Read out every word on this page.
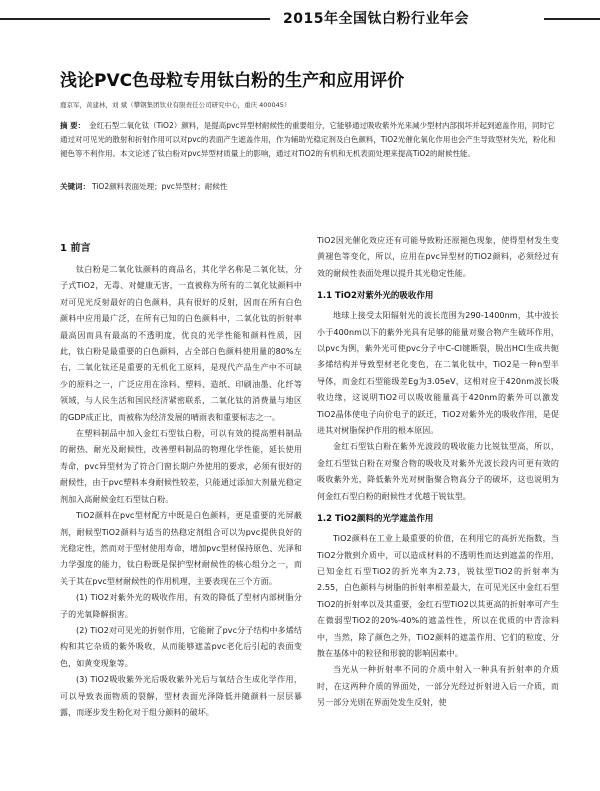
2015年全国钛白粉行业年会
浅论PVC色母粒专用钛白粉的生产和应用评价
鹿京军，黄建林，刘 斌（攀钢集团钛业有限责任公司研究中心，重庆 400045）

摘 要： 金红石型二氧化钛（TiO2）颜料，是提高pvc异型材耐候性的重要组分，它能够通过吸收紫外光来减少型材内部损坏并起到遮盖作用，同时它通过对可见光的散射和折射作用可以对pvc的表面产生遮盖作用，作为辅助光稳定剂及白色颜料，TiO2光催化氧化作用也会产生导致型材失光，粉化和褪色等不利作用。本文论述了钛白粉对pvc异型材质量上的影响，通过对TiO2的有机和无机表面处理来提高TiO2的耐候性能。

关键词： TiO2颜料表面处理；pvc异型材；耐候性
1 前言

钛白粉是二氧化钛颜料的商品名，其化学名称是二氧化钛，分子式TiO2，无毒、对健康无害，一直被称为所有的二氧化钛颜料中对可见光反射最好的白色颜料，具有很好的反射，因而在所有白色颜料中应用最广泛，在所有已知的白色颜料中，二氧化钛的折射率最高因而具有最高的不透明度，优良的光学性能和颜料性质，因此，钛白粉是最重要的白色颜料，占全部白色颜料使用量的80%左右，二氧化钛还是重要的无机化工原料，是现代产品生产中不可缺少的原料之一，广泛应用在涂料、塑料、造纸、印刷油墨、化纤等领域，与人民生活和国民经济紧密联系，二氧化钛的消费量与地区的GDP成正比，而被称为经济发展的晴雨表和重要标志之一。

在塑料制品中加入金红石型钛白粉，可以有效的提高塑料制品的耐热、耐光及耐候性，改善塑料制品的物理化学性能，延长使用寿命，pvc异型材为了符合门窗长期户外使用的要求，必须有很好的耐候性，由于pvc塑料本身耐候性较差，只能通过添加大剂量光稳定剂加入高耐候金红石型钛白粉。

TiO2颜料在pvc型材配方中既是白色颜料，更是重要的光屏蔽剂，耐候型TiO2颜料与适当的热稳定剂组合可以为pvc提供良好的光稳定性，然而对于型材使用寿命，增加pvc型材保持原色、光泽和力学强度的能力，钛白粉既是保护型材耐候性的核心组分之一，而关于其在pvc型材耐候性的作用机理，主要表现在三个方面。

(1) TiO2对紫外光的吸收作用，有效的降低了型材内部树脂分子的光氧降解损害。

(2) TiO2对可见光的折射作用，它能耐了pvc分子结构中多烯结构和其它杂质的紫外吸收，从而能够遮盖pvc老化后引起的表面变色，如黄变现象等。

(3) TiO2吸收紫外光后吸收紫外光后与氧结合生成化学作用，可以导致表面物质的裂解，型材表面光泽降低并随颜料一层层暴露，而逐步发生粉化对于组分颜料的破坏。

TiO2因光催化效应还有可能导致粉还原褪色现象，使得型材发生变黄褪色等变化，所以，应用在pvc异型材的TiO2颜料，必须经过有效的耐候性表面处理以提升其光稳定性能。

1.1 TiO2对紫外光的吸收作用

地球上接受太阳辐射光的波长范围为290-1400nm，其中波长小于400nm以下的紫外光具有足够的能量对聚合物产生破坏作用，以pvc为例，紫外光可使pvc分子中C-Cl键断裂，脱出HCl生成共轭多烯结构并导致型材老化变色，在二氧化钛中，TiO2是一种n型半导体，而金红石型能级差Eg为3.05eV，这相对应于420nm波长吸收边缘，这说明TiO2可以吸收能量高于420nm的紫外可以激发TiO2晶体使电子向价电子的跃迁，TiO2对紫外光的吸收作用，是促进其对树脂保护作用的根本原因。

金红石型钛白粉在紫外光波段的吸收能力比锐钛型高，所以，金红石型钛白粉在对聚合物的吸收及对紫外光波长段内可更有效的吸收紫外光，降低紫外光对树脂聚合物高分子的破坏，这也说明为何金红石型白粉的耐候性才优越于锐钛型。

1.2 TiO2颜料的光学遮盖作用

TiO2颜料在工业上最重要的价值，在利用它的高折光指数，当TiO2分散到介质中，可以造成材料的不透明性而达到遮盖的作用，已知金红石型TiO2的折光率为2.73，锐钛型TiO2的折射率为2.55，白色颜料与树脂的折射率相差最大，在可见光区中金红石型TiO2的折射率以及其重要，金红石型TiO2以其更高的折射率可产生在微弱型TiO2的20%-40%的遮盖性性，所以在优质的中青涂料中，当然，除了颜色之外，TiO2颜料的遮盖作用、它们的粒度、分散在基体中的粒径和形貌的影响因素中。

当光从一种折射率不同的介质中射入一种具有折射率的介质时，在这两种介质的界面处，一部分光经过折射进入后一介质，而另一部分光则在界面处发生反射，使
